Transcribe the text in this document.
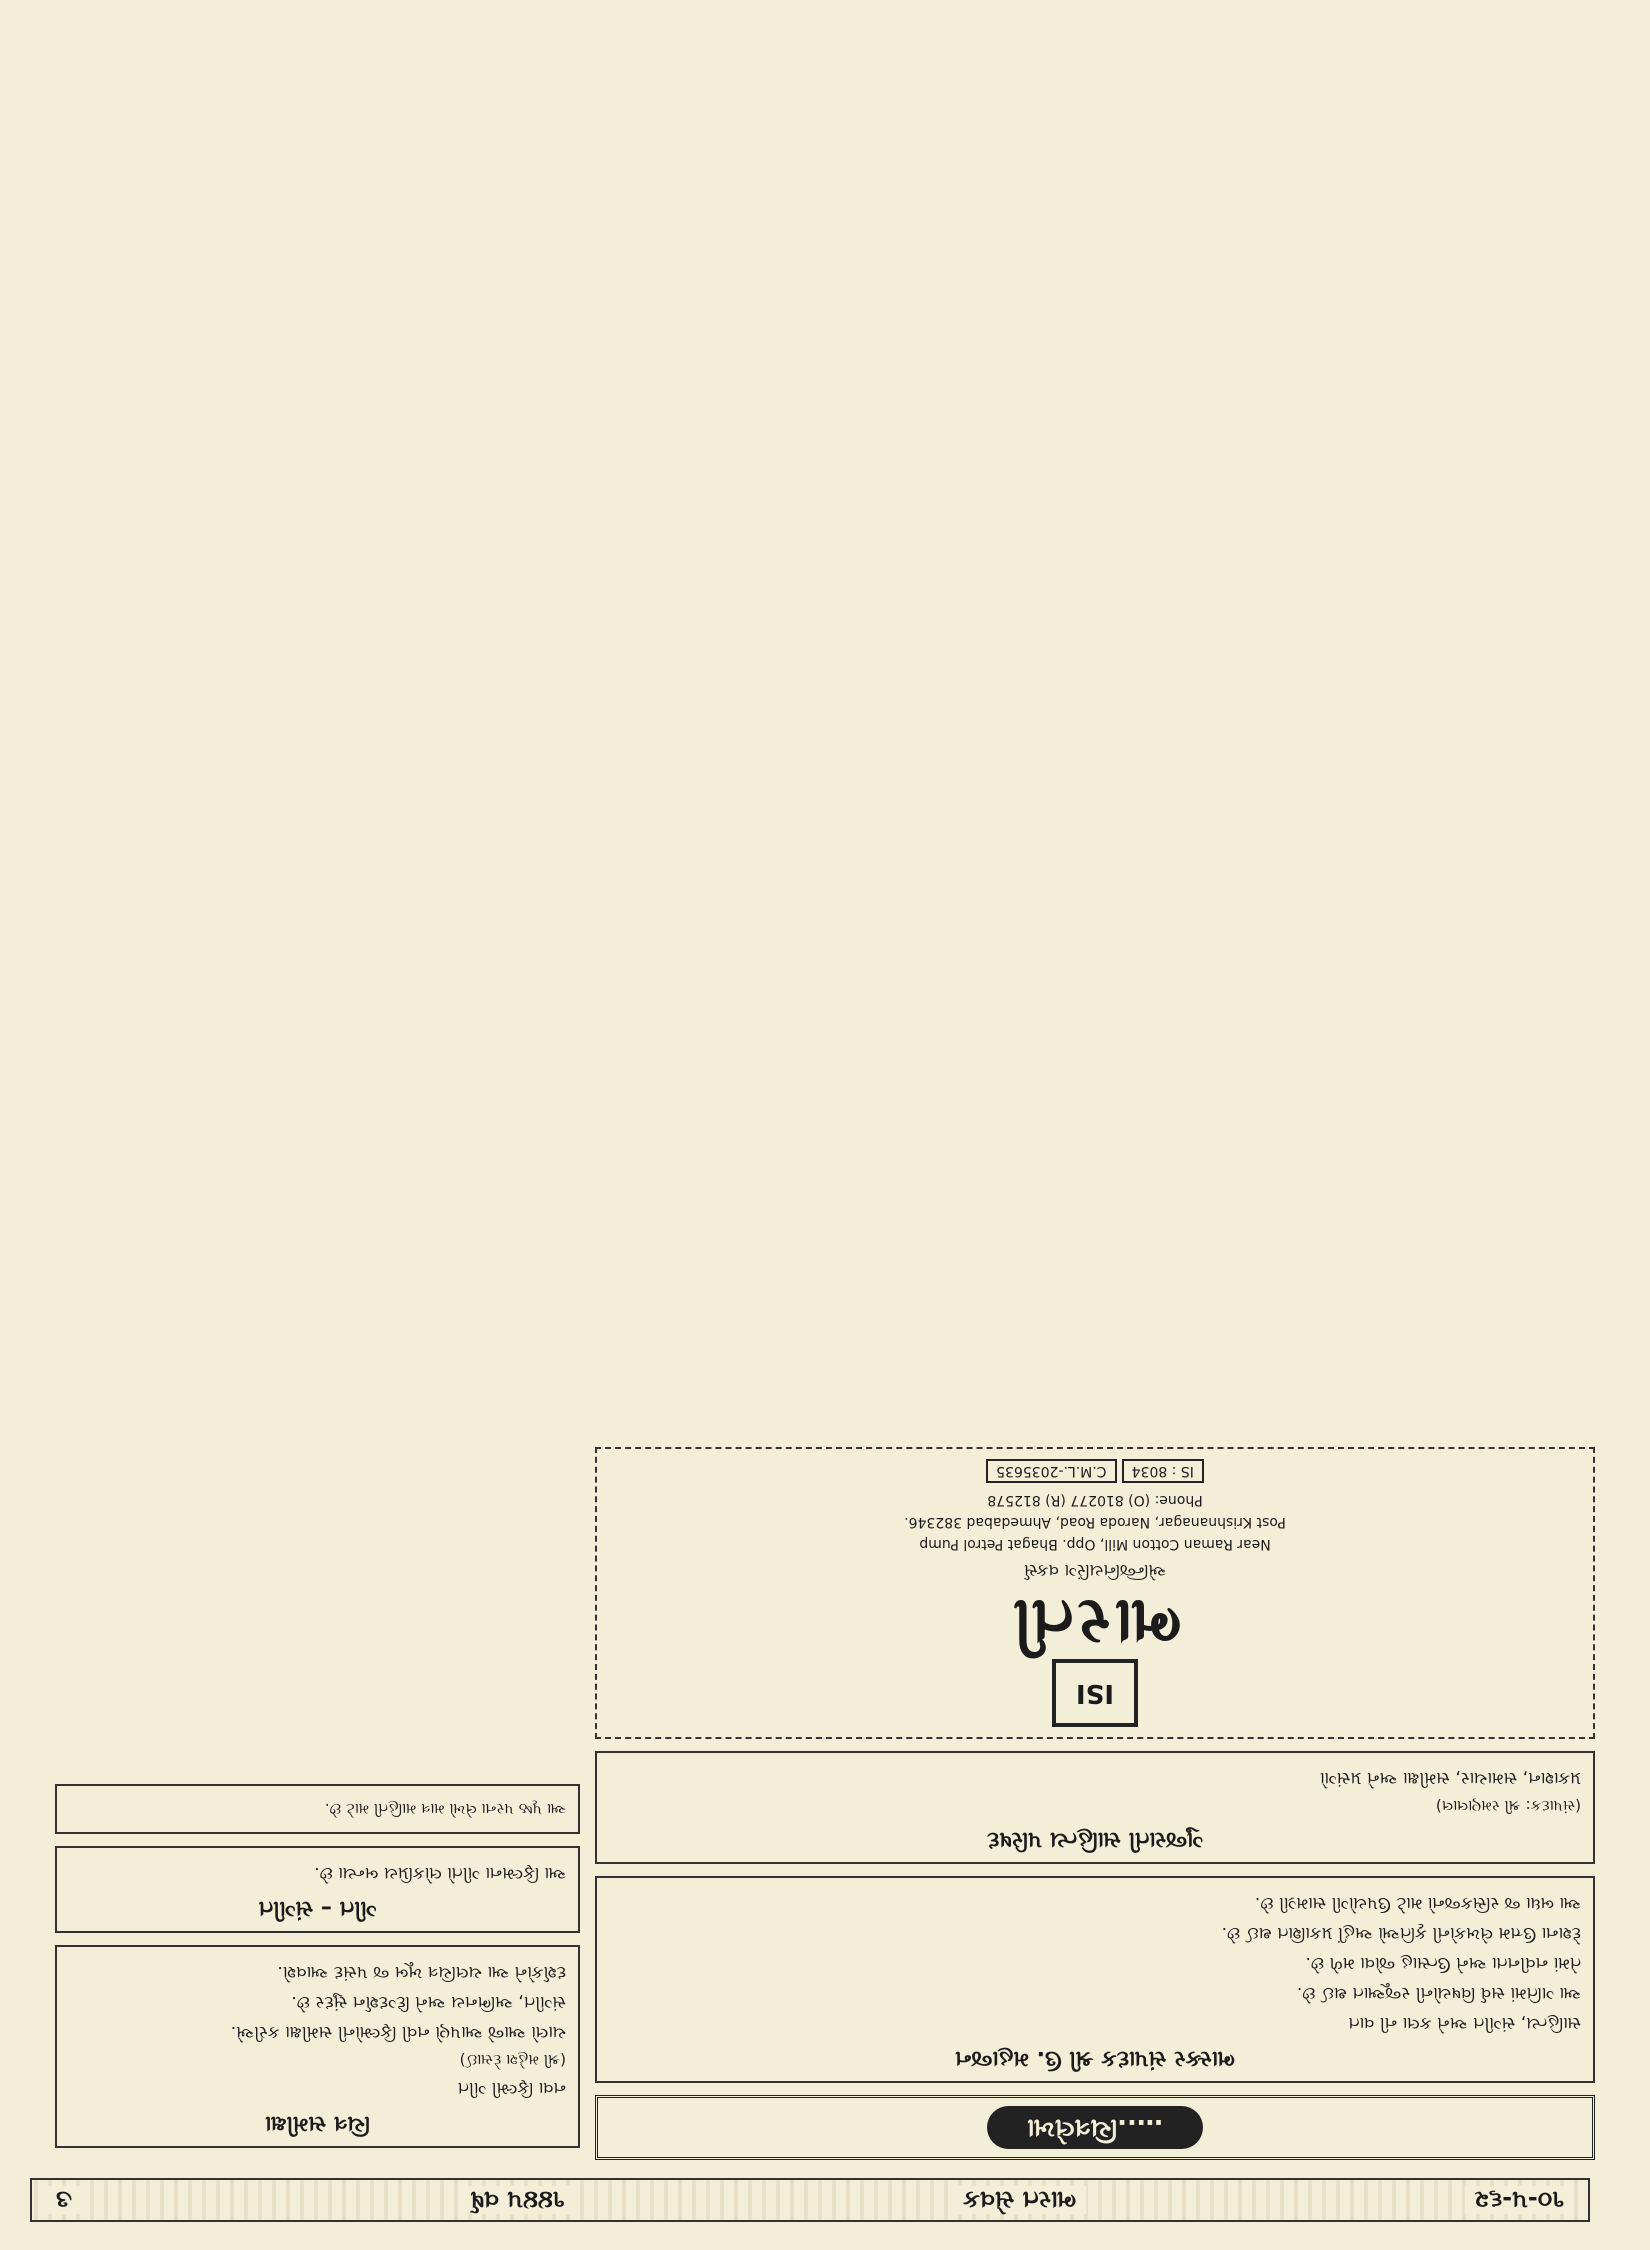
૧૦-૫-૬૨
ભારત સેવક
૧૪૪૫ વર્ષ
૩
…..ચિત્રલેખા
ભાસ્કર સંપાદક શ્રી ઉ. મહાજન
સાહિત્ય, સંગીત અને કલા ની વાત
આ ગતિમાં સર્વ વિષયોની રજૂઆત થઈ છે.
તેમાં નવીનતા અને ઉત્સાહ જોવા મળે છે.
દેશના ઉત્તમ લેખકોની કૃતિઓ અહીં પ્રકાશિત થઈ છે.
આ બધા જ રસિકજનો માટે ઉપયોગી સામગ્રી છે.
ગુજરાતી સાહિત્ય પરિષદ
(સંપાદક: શ્રી રમણલાલ)
પ્રકાશન, સમાચાર, સમીક્ષા અને પ્રસંગો
ISI
ભારતી
એન્જિનિયરિંગ વર્ક્સ
Near Raman Cotton Mill, Opp. Bhagat Petrol Pump
Post Krishnanagar, Naroda Road, Ahmedabad 382346.
Phone: (O) 810277 (R) 812578
IS : 8034 C.M.L.-2035635
ચિત્ર સમીક્ષા
નવા ફિલ્મી ગીત
(શ્રી મહેશ દેસાઈ)
ચાલો આજે આપણે નવી ફિલ્મોની સમીક્ષા કરીએ.
સંગીત, અભિનય અને દિગ્દર્શન સુંદર છે.
દર્શકોને આ ચલચિત્ર ખૂબ જ પસંદ આવશે.
ગીત – સંગીત
આ ફિલ્મના ગીતો લોકપ્રિય બન્યા છે.
આ પૃષ્ઠ પરના લેખો માત્ર માહિતી માટે છે.
